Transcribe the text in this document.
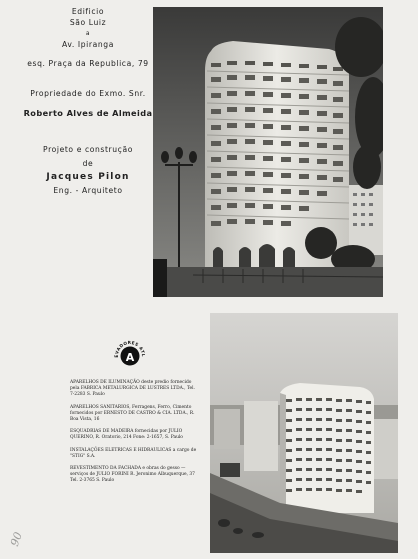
Edificio
São Luiz
a
Av. Ipiranga
esq. Praça da Republica, 79
Propriedade do Exmo. Snr.
Roberto Alves de Almeida
Projeto e construção
de
Jacques Pilon
Eng. - Arquiteto
A
EVADORES ATL
APARELHOS DE ILUMINAÇÃO deste predio fornecido pela FABRICA METALURGICA DE LUSTRES LTDA., Tel. 7-2283 S. Paulo
APARELHOS SANITARIOS, Ferragens, Ferro, Cimento fornecidos por ERNESTO DE CASTRO & CIA. LTDA., R. Boa Vista, 16
ESQUADRIAS DE MADEIRA fornecidas por JULIO QUERINO, R. Oratorio, 214 Fone: 2-1657, S. Paulo
INSTALAÇÕES ELETRICAS E HIDRAULICAS a cargo de "STIG" S.A.
REVESTIMENTO DA FACHADA e obras do gesso — serviços de JULIO FORINI R. Jeronimo Albuquerque, 37 Tel. 2-3765 S. Paulo
90
